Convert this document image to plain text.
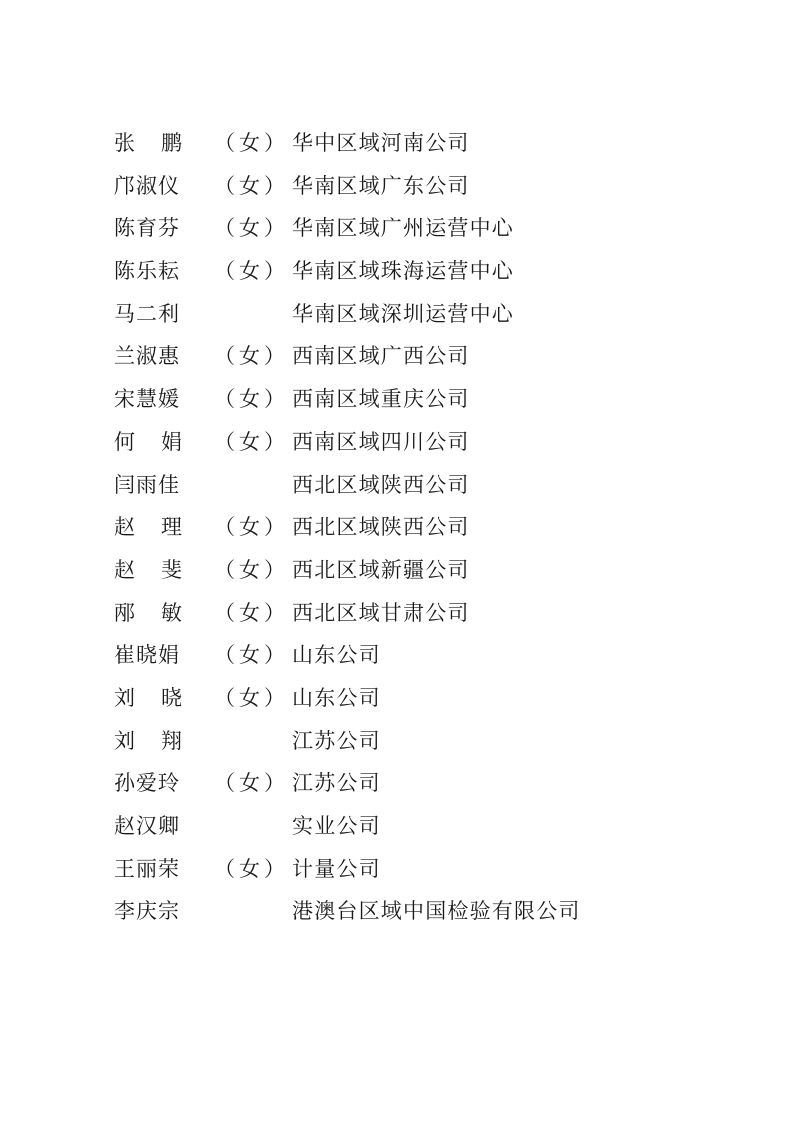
张鹏 （女） 华中区域河南公司
邝淑仪 （女） 华南区域广东公司
陈育芬 （女） 华南区域广州运营中心
陈乐耘 （女） 华南区域珠海运营中心
马二利	华南区域深圳运营中心
兰淑惠 （女） 西南区域广西公司
宋慧媛 （女） 西南区域重庆公司
何娟 （女） 西南区域四川公司
闫雨佳	西北区域陕西公司
赵理 （女） 西北区域陕西公司
赵斐 （女） 西北区域新疆公司
邴敏 （女） 西北区域甘肃公司
崔晓娟 （女） 山东公司
刘晓 （女） 山东公司
刘翔	江苏公司
孙爱玲 （女） 江苏公司
赵汉卿	实业公司
王丽荣 （女） 计量公司
李庆宗	港澳台区域中国检验有限公司
